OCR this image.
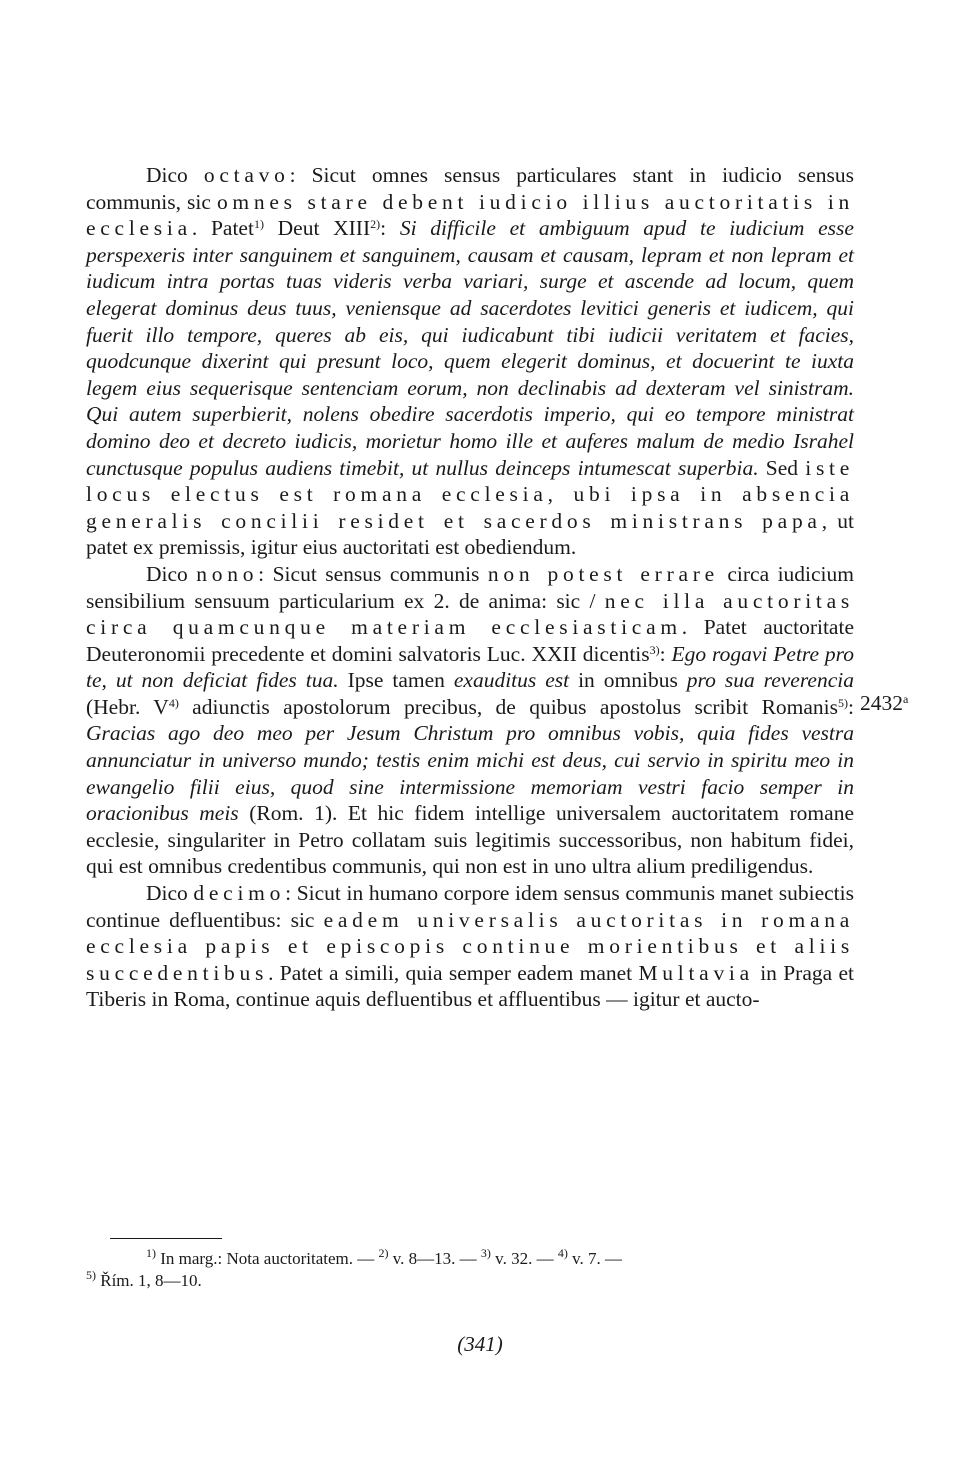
Dico octavo: Sicut omnes sensus particulares stant in iudicio sensus communis, sic omnes stare debent iudicio illius auctoritatis in ecclesia. Patet$^{1)}$ Deut XIII$^{2)}$: Si difficile et ambiguum apud te iudicium esse perspexeris inter sanguinem et sanguinem, causam et causam, lepram et non lepram et iudicum intra portas tuas videris verba variari, surge et ascende ad locum, quem elegerat dominus deus tuus, veniensque ad sacerdotes levitici generis et iudicem, qui fuerit illo tempore, queres ab eis, qui iudicabunt tibi iudicii veritatem et facies, quodcunque dixerint qui presunt loco, quem elegerit dominus, et docuerint te iuxta legem eius sequerisque sentenciam eorum, non declinabis ad dexteram vel sinistram. Qui autem superbierit, nolens obedire sacerdotis imperio, qui eo tempore ministrat domino deo et decreto iudicis, morietur homo ille et auferes malum de medio Israhel cunctusque populus audiens timebit, ut nullus deinceps intumescat superbia. Sed iste locus electus est romana ecclesia, ubi ipsa in absencia generalis concilii residet et sacerdos ministrans papa, ut patet ex premissis, igitur eius auctoritati est obediendum.

Dico nono: Sicut sensus communis non potest errare circa iudicium sensibilium sensuum particularium ex 2. de anima: sic / nec illa auctoritas circa quamcunque materiam ecclesiasticam. Patet auctoritate Deuteronomii precedente et domini salvatoris Luc. XXII dicentis$^{3)}$: Ego rogavi Petre pro te, ut non deficiat fides tua. Ipse tamen exauditus est in omnibus pro sua reverencia (Hebr. $V^{4)}$ adiunctis apostolorum precibus, de quibus apostolus scribit Romanis$^{5)}$: Gracias ago deo meo per Jesum Christum pro omnibus vobis, quia fides vestra annunciatur in universo mundo; testis enim michi est deus, cui servio in spiritu meo in ewangelio filii eius, quod sine intermissione memoriam vestri facio semper in oracionibus meis (Rom. 1). Et hic fidem intellige universalem auctoritatem romane ecclesie, singulariter in Petro collatam suis legitimis successoribus, non habitum fidei, qui est omnibus credentibus communis, qui non est in uno ultra alium prediligendus.

Dico decimo: Sicut in humano corpore idem sensus communis manet subiectis continue defluentibus: sic eadem universalis auctoritas in romana ecclesia papis et episcopis continue morientibus et aliis succedentibus. Patet a simili, quia semper eadem manet Multavia in Praga et Tiberis in Roma, continue aquis defluentibus et affluentibus — igitur et aucto-

2432$^a$
$^{1)}$ In marg.: Nota auctoritatem. — $^{2)}$ v. 8—13. — $^{3)}$ v. 32. — $^{4)}$ v. 7. —
$^{5)}$ Řím. 1, 8—10.
(341)
